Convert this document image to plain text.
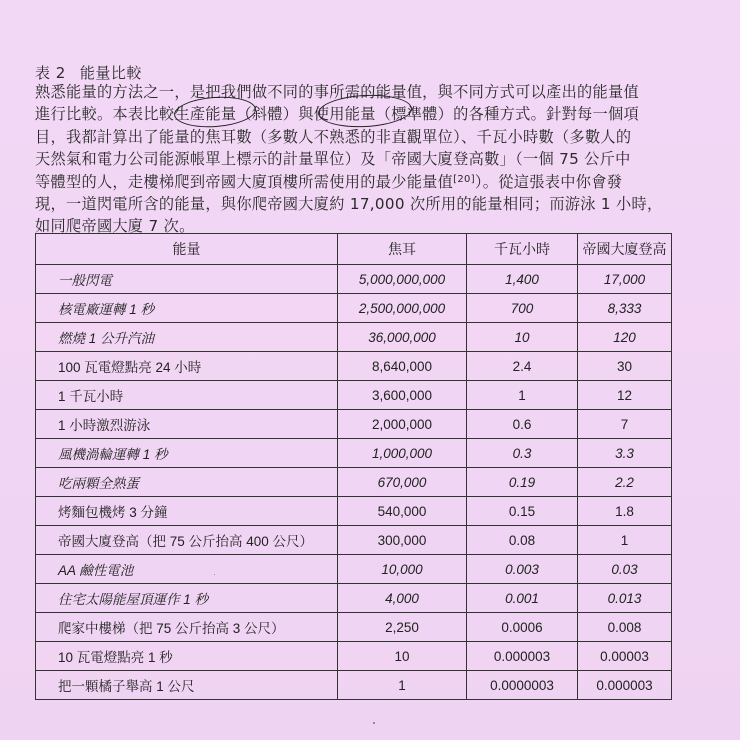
表 2 能量比較

熟悉能量的方法之一，是把我們做不同的事所需的能量值，與不同方式可以產出的能量值

進行比較。本表比較生產能量（斜體）與使用能量（標準體）的各種方式。針對每一個項

目，我都計算出了能量的焦耳數（多數人不熟悉的非直觀單位）、千瓦小時數（多數人的

天然氣和電力公司能源帳單上標示的計量單位）及「帝國大廈登高數」（一個 75 公斤中

等體型的人，走樓梯爬到帝國大廈頂樓所需使用的最少能量值[20]）。從這張表中你會發

現，一道閃電所含的能量，與你爬帝國大廈約 17,000 次所用的能量相同；而游泳 1 小時，

如同爬帝國大廈 7 次。

能量	焦耳	千瓦小時	帝國大廈登高
一般閃電	5,000,000,000	1,400	17,000
核電廠運轉 1 秒	2,500,000,000	700	8,333
燃燒 1 公升汽油	36,000,000	10	120
100 瓦電燈點亮 24 小時	8,640,000	2.4	30
1 千瓦小時	3,600,000	1	12
1 小時激烈游泳	2,000,000	0.6	7
風機渦輪運轉 1 秒	1,000,000	0.3	3.3
吃兩顆全熟蛋	670,000	0.19	2.2
烤麵包機烤 3 分鐘	540,000	0.15	1.8
帝國大廈登高（把 75 公斤抬高 400 公尺）	300,000	0.08	1
AA 鹼性電池	10,000	0.003	0.03
住宅太陽能屋頂運作 1 秒	4,000	0.001	0.013
爬家中樓梯（把 75 公斤抬高 3 公尺）	2,250	0.0006	0.008
10 瓦電燈點亮 1 秒	10	0.000003	0.00003
把一顆橘子舉高 1 公尺	1	0.0000003	0.000003
